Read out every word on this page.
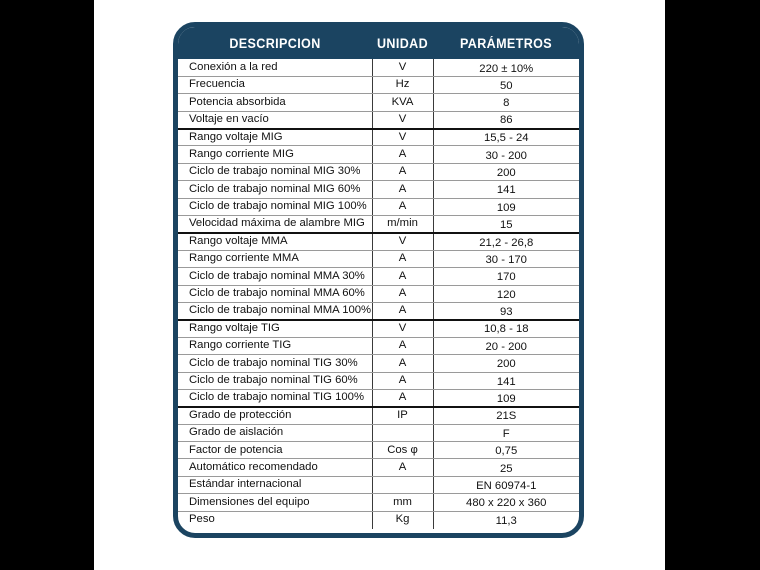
DESCRIPCION	UNIDAD	PARÁMETROS
Conexión a la red	V	220 ± 10%
Frecuencia	Hz	50
Potencia absorbida	KVA	8
Voltaje en vacío	V	86
Rango voltaje MIG	V	15,5 - 24
Rango corriente MIG	A	30 - 200
Ciclo de trabajo nominal MIG 30%	A	200
Ciclo de trabajo nominal MIG 60%	A	141
Ciclo de trabajo nominal MIG 100%	A	109
Velocidad máxima de alambre MIG	m/min	15
Rango voltaje MMA	V	21,2 - 26,8
Rango corriente MMA	A	30 - 170
Ciclo de trabajo nominal MMA 30%	A	170
Ciclo de trabajo nominal MMA 60%	A	120
Ciclo de trabajo nominal MMA 100%	A	93
Rango voltaje TIG	V	10,8 - 18
Rango corriente TIG	A	20 - 200
Ciclo de trabajo nominal TIG 30%	A	200
Ciclo de trabajo nominal TIG 60%	A	141
Ciclo de trabajo nominal TIG 100%	A	109
Grado de protección	IP	21S
Grado de aislación		F
Factor de potencia	Cos φ	0,75
Automático recomendado	A	25
Estándar internacional		EN 60974-1
Dimensiones del equipo	mm	480 x 220 x 360
Peso	Kg	11,3
